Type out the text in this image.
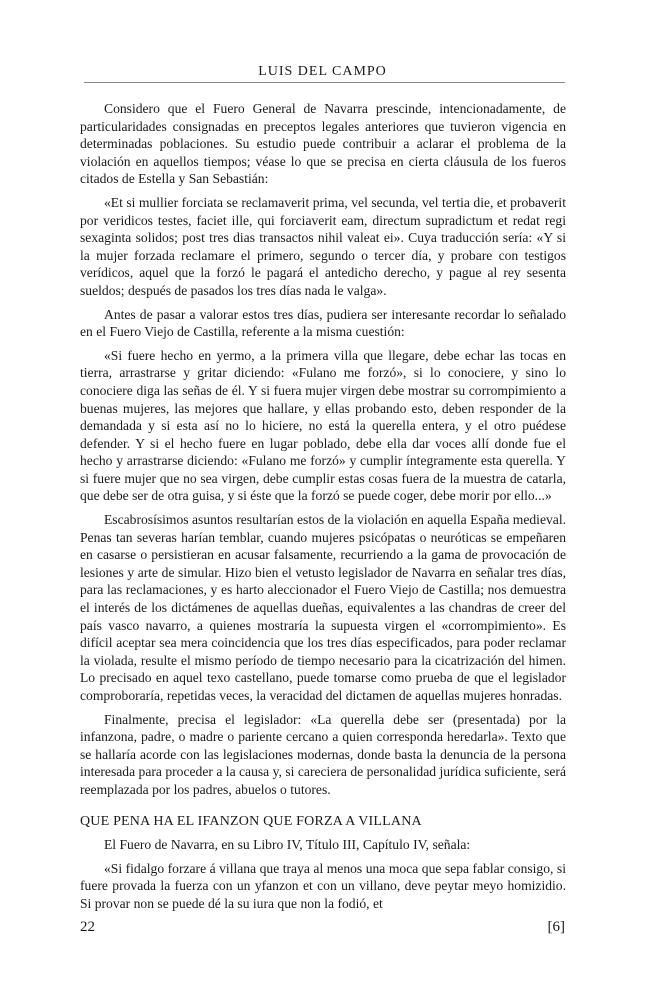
LUIS DEL CAMPO

Considero que el Fuero General de Navarra prescinde, intencionadamente, de particularidades consignadas en preceptos legales anteriores que tuvieron vigencia en determinadas poblaciones. Su estudio puede contribuir a aclarar el problema de la violación en aquellos tiempos; véase lo que se precisa en cierta cláusula de los fueros citados de Estella y San Sebastián:

«Et si mullier forciata se reclamaverit prima, vel secunda, vel tertia die, et probaverit por veridicos testes, faciet ille, qui forciaverit eam, directum supradictum et redat regi sexaginta solidos; post tres dias transactos nihil valeat ei». Cuya traducción sería: «Y si la mujer forzada reclamare el primero, segundo o tercer día, y probare con testigos verídicos, aquel que la forzó le pagará el antedicho derecho, y pague al rey sesenta sueldos; después de pasados los tres días nada le valga».

Antes de pasar a valorar estos tres días, pudiera ser interesante recordar lo señalado en el Fuero Viejo de Castilla, referente a la misma cuestión:

«Si fuere hecho en yermo, a la primera villa que llegare, debe echar las tocas en tierra, arrastrarse y gritar diciendo: «Fulano me forzó», si lo conociere, y sino lo conociere diga las señas de él. Y si fuera mujer virgen debe mostrar su corrompimiento a buenas mujeres, las mejores que hallare, y ellas probando esto, deben responder de la demandada y si esta así no lo hiciere, no está la querella entera, y el otro puédese defender. Y si el hecho fuere en lugar poblado, debe ella dar voces allí donde fue el hecho y arrastrarse diciendo: «Fulano me forzó» y cumplir íntegramente esta querella. Y si fuere mujer que no sea virgen, debe cumplir estas cosas fuera de la muestra de catarla, que debe ser de otra guisa, y si éste que la forzó se puede coger, debe morir por ello...»

Escabrosísimos asuntos resultarían estos de la violación en aquella España medieval. Penas tan severas harían temblar, cuando mujeres psicópatas o neuróticas se empeñaren en casarse o persistieran en acusar falsamente, recurriendo a la gama de provocación de lesiones y arte de simular. Hizo bien el vetusto legislador de Navarra en señalar tres días, para las reclamaciones, y es harto aleccionador el Fuero Viejo de Castilla; nos demuestra el interés de los dictámenes de aquellas dueñas, equivalentes a las chandras de creer del país vasco navarro, a quienes mostraría la supuesta virgen el «corrompimiento». Es difícil aceptar sea mera coincidencia que los tres días especificados, para poder reclamar la violada, resulte el mismo período de tiempo necesario para la cicatrización del himen. Lo precisado en aquel texo castellano, puede tomarse como prueba de que el legislador comproboraría, repetidas veces, la veracidad del dictamen de aquellas mujeres honradas.

Finalmente, precisa el legislador: «La querella debe ser (presentada) por la infanzona, padre, o madre o pariente cercano a quien corresponda heredarla». Texto que se hallaría acorde con las legislaciones modernas, donde basta la denuncia de la persona interesada para proceder a la causa y, si careciera de personalidad jurídica suficiente, será reemplazada por los padres, abuelos o tutores.

QUE PENA HA EL IFANZON QUE FORZA A VILLANA

El Fuero de Navarra, en su Libro IV, Título III, Capítulo IV, señala:

«Si fidalgo forzare á villana que traya al menos una moca que sepa fablar consigo, si fuere provada la fuerza con un yfanzon et con un villano, deve peytar meyo homizidio. Si provar non se puede dé la su iura que non la fodió, et

22	[6]
